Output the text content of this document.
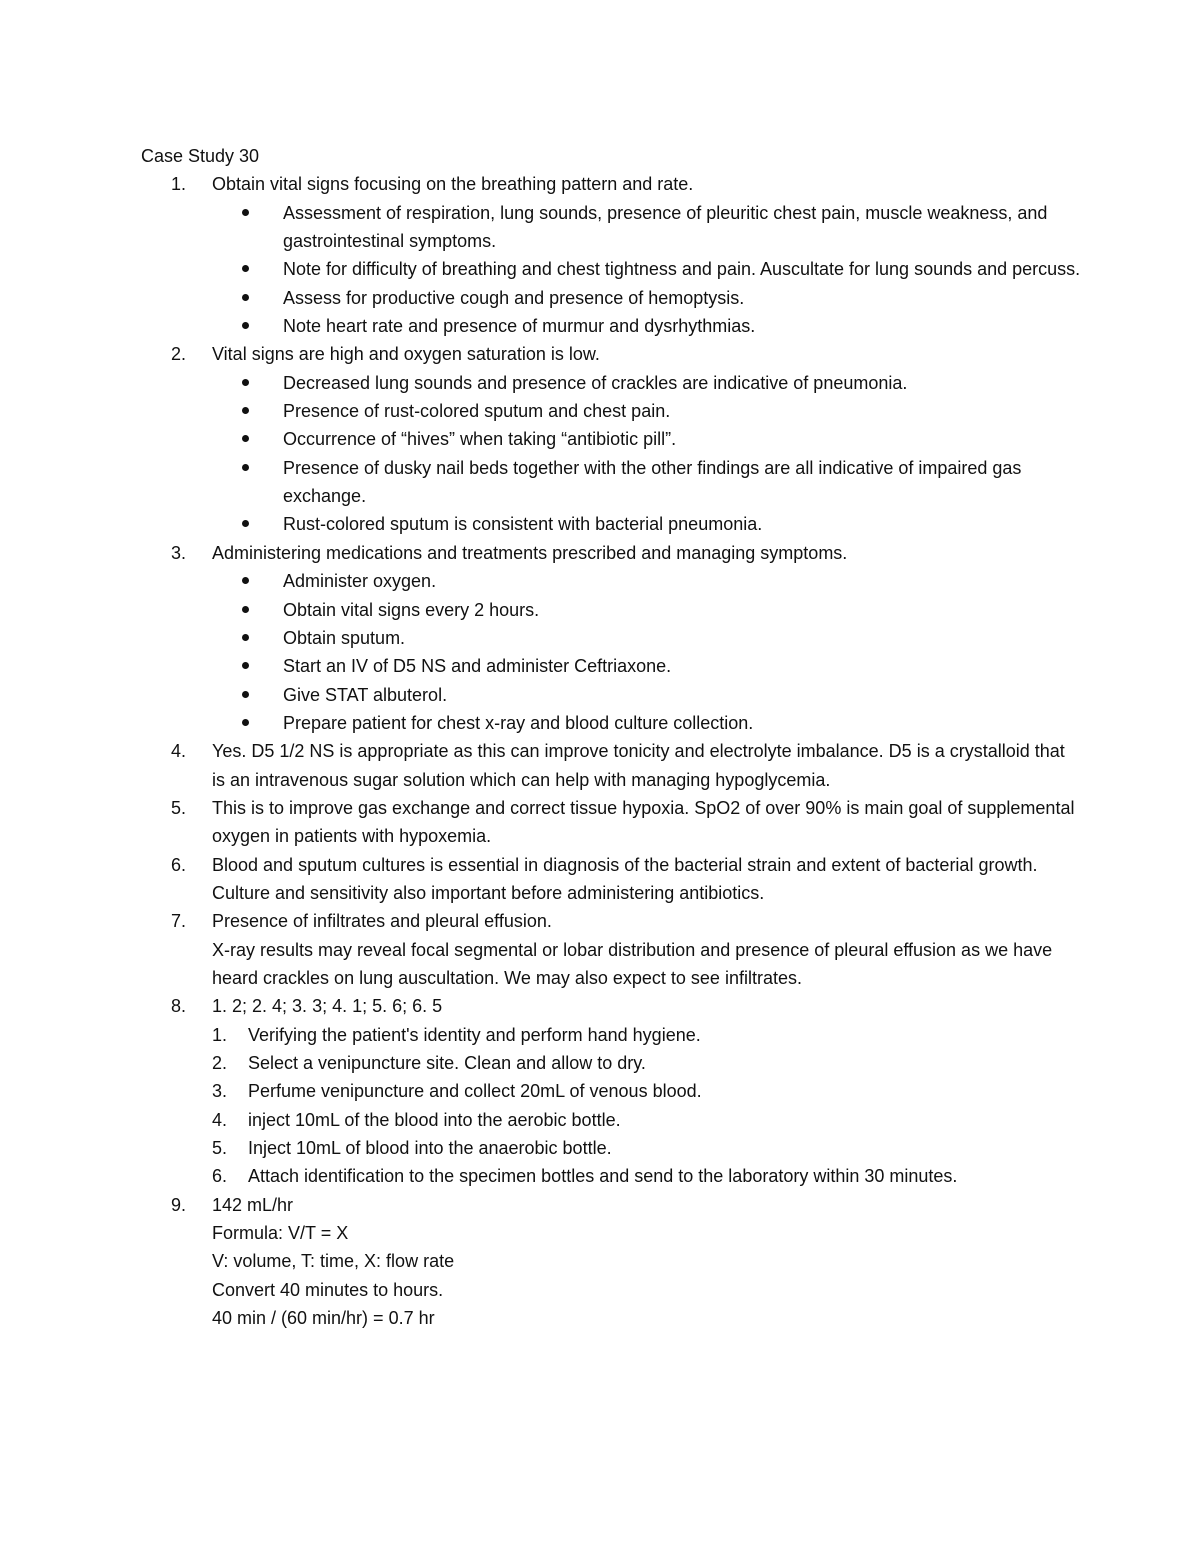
Case Study 30

1. Obtain vital signs focusing on the breathing pattern and rate.

Assessment of respiration, lung sounds, presence of pleuritic chest pain, muscle weakness, and gastrointestinal symptoms.
Note for difficulty of breathing and chest tightness and pain. Auscultate for lung sounds and percuss.
Assess for productive cough and presence of hemoptysis.
Note heart rate and presence of murmur and dysrhythmias.
2. Vital signs are high and oxygen saturation is low.

Decreased lung sounds and presence of crackles are indicative of pneumonia.
Presence of rust-colored sputum and chest pain.
Occurrence of “hives” when taking “antibiotic pill”.
Presence of dusky nail beds together with the other findings are all indicative of impaired gas exchange.
Rust-colored sputum is consistent with bacterial pneumonia.
3. Administering medications and treatments prescribed and managing symptoms.

Administer oxygen.
Obtain vital signs every 2 hours.
Obtain sputum.
Start an IV of D5 NS and administer Ceftriaxone.
Give STAT albuterol.
Prepare patient for chest x-ray and blood culture collection.
4. Yes. D5 1/2 NS is appropriate as this can improve tonicity and electrolyte imbalance. D5 is a crystalloid that is an intravenous sugar solution which can help with managing hypoglycemia.

5. This is to improve gas exchange and correct tissue hypoxia. SpO2 of over 90% is main goal of supplemental oxygen in patients with hypoxemia.

6. Blood and sputum cultures is essential in diagnosis of the bacterial strain and extent of bacterial growth.

Culture and sensitivity also important before administering antibiotics.

7. Presence of infiltrates and pleural effusion.

X-ray results may reveal focal segmental or lobar distribution and presence of pleural effusion as we have heard crackles on lung auscultation. We may also expect to see infiltrates.

8. 1. 2; 2. 4; 3. 3; 4. 1; 5. 6; 6. 5

1. Verifying the patient's identity and perform hand hygiene.
2. Select a venipuncture site. Clean and allow to dry.
3. Perfume venipuncture and collect 20mL of venous blood.
4. inject 10mL of the blood into the aerobic bottle.
5. Inject 10mL of blood into the anaerobic bottle.
6. Attach identification to the specimen bottles and send to the laboratory within 30 minutes.
9. 142 mL/hr

Formula: V/T = X

V: volume, T: time, X: flow rate

Convert 40 minutes to hours.

40 min / (60 min/hr) = 0.7 hr
